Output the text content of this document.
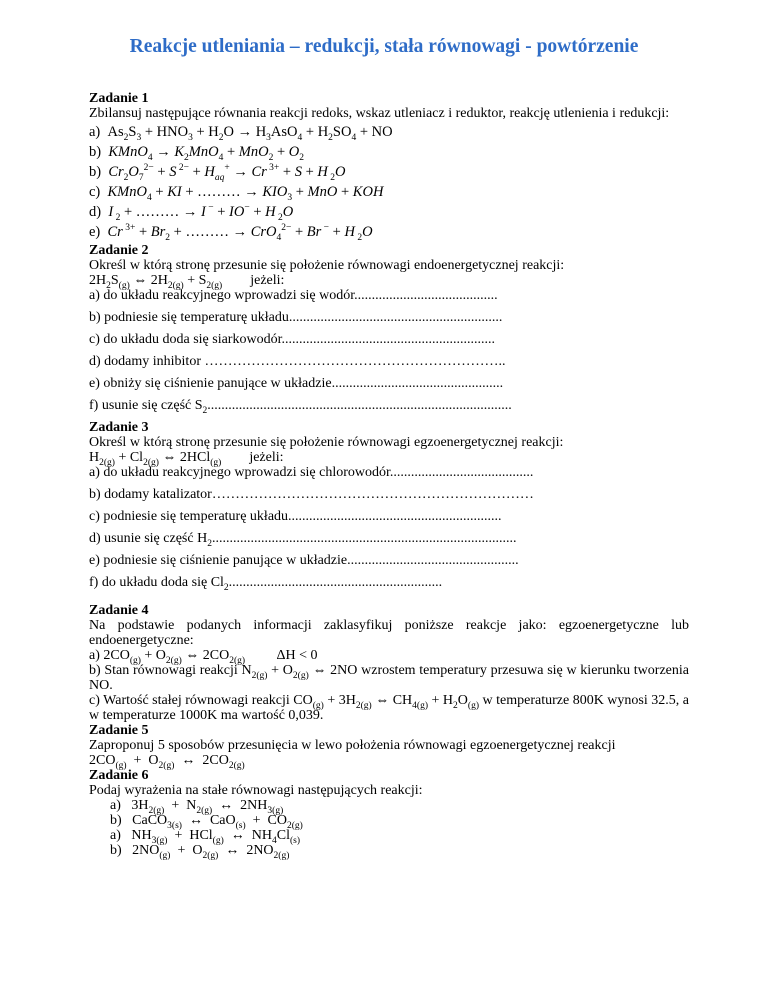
Reakcje utleniania – redukcji, stała równowagi - powtórzenie
Zadanie 1
Zbilansuj następujące równania reakcji redoks, wskaz utleniacz i reduktor, reakcję utlenienia i redukcji:
a)  $As_2S_3 + HNO_3 + H_2O \to H_3AsO_4 + H_2SO_4$ + NO
b)  KMnO$_4$ → $K_2MnO_4 + MnO_2 + O_2$
b)  $Cr_2O_7^{2-} + S$ $^{2-} + H_{aq}^+ \to Cr$ $^{3+}$ + S + H $_2$O
c)  KMnO$_4$ + KI + ……… → $KIO_3$ + MnO + KOH
d)  I $_2$ + ……… → I − + IO− + H $_2$O
e)  Cr $^{3+} + Br_2$ + ……… → CrO$_4^{2-}$ + Br − + H $_2$O
Zadanie 2
Określ w którą stronę przesunie się położenie równowagi endoenergetycznej reakcji:
$2H_2S_{(g)}$ ⇔ $2H_{2(g)} + S_{2(g)}$ jeżeli:
a) do układu reakcyjnego wprowadzi się wodór.........................................
b) podniesie się temperaturę układu.............................................................
c) do układu doda się siarkowodór.............................................................
d) dodamy inhibitor ………………………………………………………..
e) obniży się ciśnienie panujące w układzie.................................................
f) usunie się część $S_2$.......................................................................................
Zadanie 3
Określ w którą stronę przesunie się położenie równowagi egzoenergetycznej reakcji:
$H_{2(g)} + Cl_{2(g)}$ ⇔ 2HCl$_{(g)}$ jeżeli:
a) do układu reakcyjnego wprowadzi się chlorowodór.........................................
b) dodamy katalizator……………………………………………………………
c) podniesie się temperaturę układu.............................................................
d) usunie się część $H_2$.......................................................................................
e) podniesie się ciśnienie panujące w układzie.................................................
f) do układu doda się $Cl_2$.............................................................
Zadanie 4
Na podstawie podanych informacji zaklasyfikuj poniższe reakcje jako: egzoenergetyczne lub endoenergetyczne:
a) $2CO_{(g)} + O_{2(g)}$ ⇔ $2CO_{2(g)}$ ΔH < 0
b) Stan równowagi reakcji $N_{2(g)} + O_{2(g)}$ ⇔ 2NO wzrostem temperatury przesuwa się w kierunku tworzenia NO.
c) Wartość stałej równowagi reakcji $CO_{(g)} + 3H_{2(g)}$ ⇔ $CH_{4(g)} + H_2O_{(g)}$ w temperaturze 800K wynosi 32.5, a w temperaturze 1000K ma wartość 0,039.
Zadanie 5
Zaproponuj 5 sposobów przesunięcia w lewo położenia równowagi egzoenergetycznej reakcji
$2CO_{(g)} + O_{2(g)}$  ↔  $2CO_{2(g)}$
Zadanie 6
Podaj wyrażenia na stałe równowagi następujących reakcji:
a)   $3H_{2(g)} + N_{2(g)}$  ↔  $2NH_{3(g)}$
b)   CaCO$_{3(s)}$  ↔  $CaO_{(s)} + CO_{2(g)}$
a)   $NH_{3(g)} + HCl_{(g)}$  ↔  $NH_4Cl_{(s)}$
b)   $2NO_{(g)} + O_{2(g)}$  ↔  $2NO_{2(g)}$
